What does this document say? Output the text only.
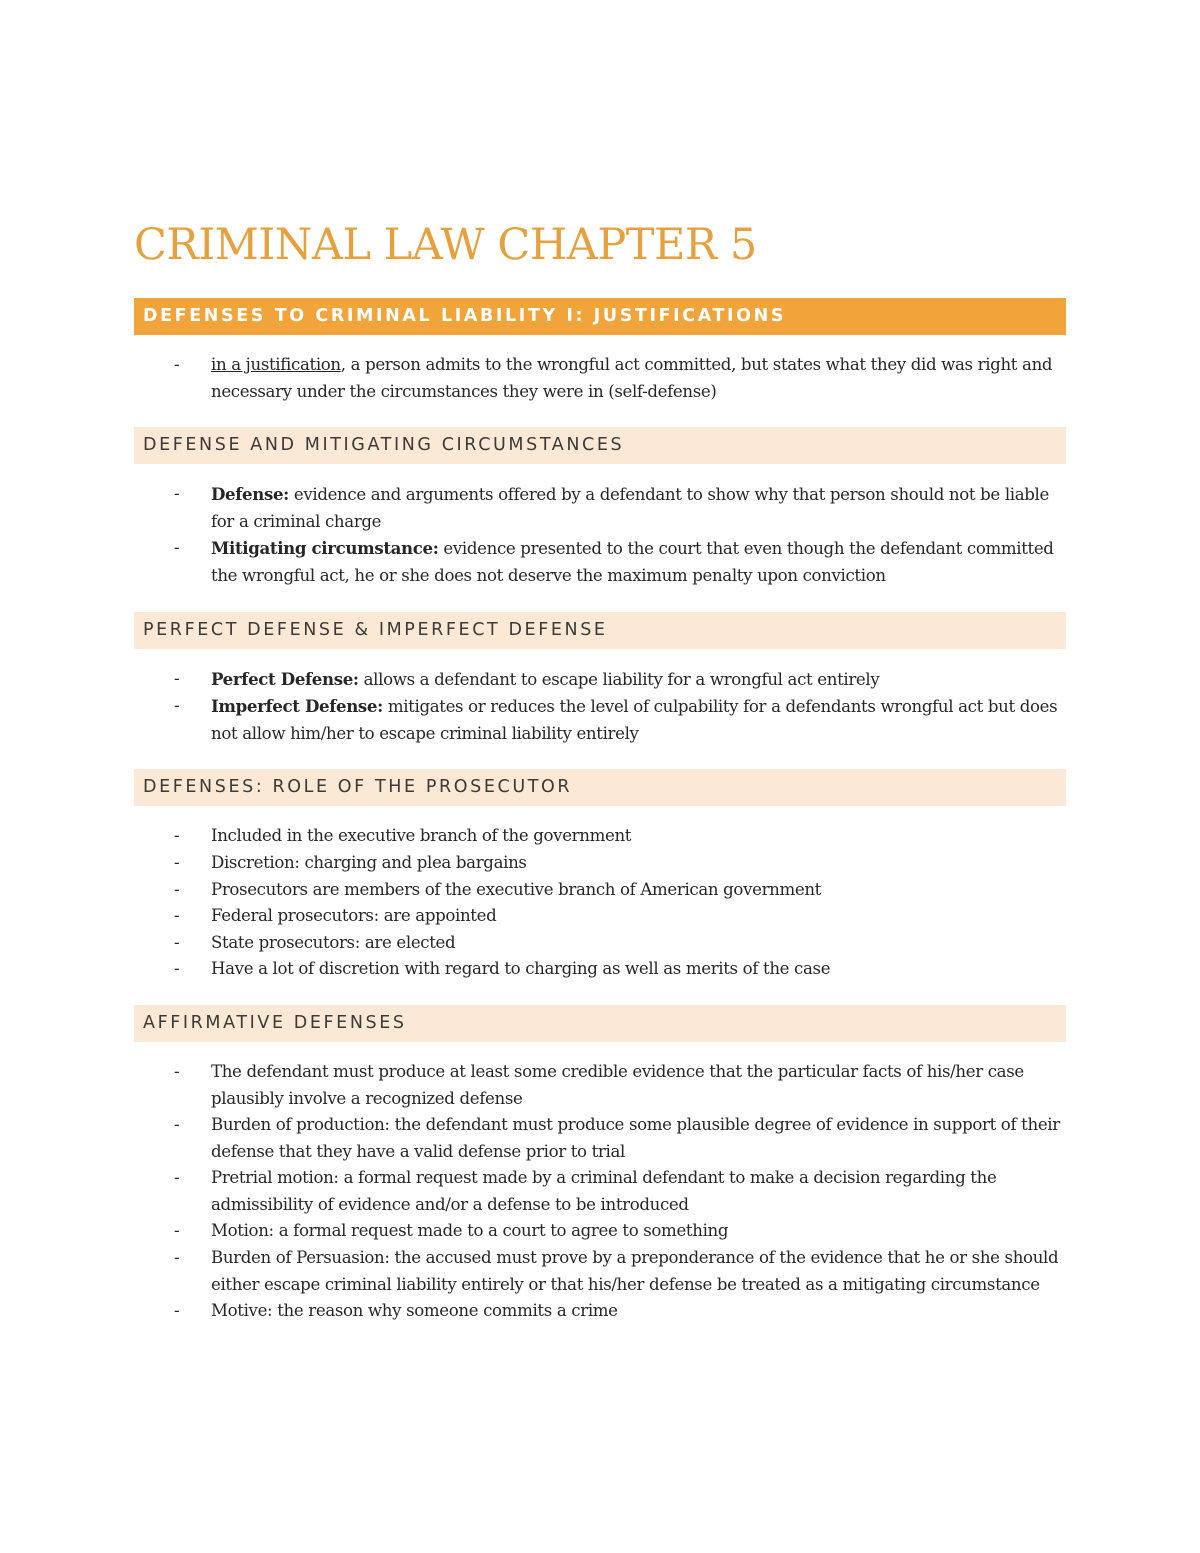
CRIMINAL LAW CHAPTER 5
DEFENSES TO CRIMINAL LIABILITY I: JUSTIFICATIONS
- in a justification, a person admits to the wrongful act committed, but states what they did was right and necessary under the circumstances they were in (self-defense)
DEFENSE AND MITIGATING CIRCUMSTANCES
- Defense: evidence and arguments offered by a defendant to show why that person should not be liable for a criminal charge
- Mitigating circumstance: evidence presented to the court that even though the defendant committed the wrongful act, he or she does not deserve the maximum penalty upon conviction
PERFECT DEFENSE & IMPERFECT DEFENSE
- Perfect Defense: allows a defendant to escape liability for a wrongful act entirely
- Imperfect Defense: mitigates or reduces the level of culpability for a defendants wrongful act but does not allow him/her to escape criminal liability entirely
DEFENSES: ROLE OF THE PROSECUTOR
- Included in the executive branch of the government
- Discretion: charging and plea bargains
- Prosecutors are members of the executive branch of American government
- Federal prosecutors: are appointed
- State prosecutors: are elected
- Have a lot of discretion with regard to charging as well as merits of the case
AFFIRMATIVE DEFENSES
- The defendant must produce at least some credible evidence that the particular facts of his/her case plausibly involve a recognized defense
- Burden of production: the defendant must produce some plausible degree of evidence in support of their defense that they have a valid defense prior to trial
- Pretrial motion: a formal request made by a criminal defendant to make a decision regarding the admissibility of evidence and/or a defense to be introduced
- Motion: a formal request made to a court to agree to something
- Burden of Persuasion: the accused must prove by a preponderance of the evidence that he or she should either escape criminal liability entirely or that his/her defense be treated as a mitigating circumstance
- Motive: the reason why someone commits a crime
